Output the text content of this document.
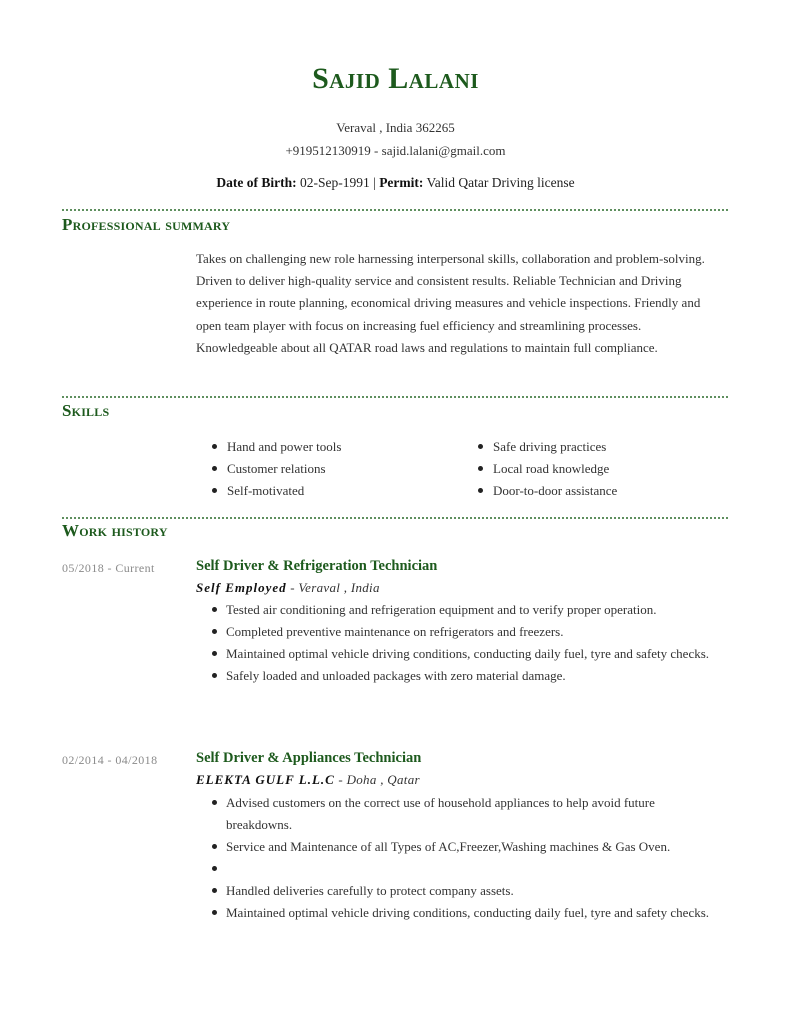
Sajid Lalani
Veraval , India 362265
+919512130919 - sajid.lalani@gmail.com
Date of Birth: 02-Sep-1991 | Permit: Valid Qatar Driving license
Professional summary
Takes on challenging new role harnessing interpersonal skills, collaboration and problem-solving. Driven to deliver high-quality service and consistent results. Reliable Technician and Driving experience in route planning, economical driving measures and vehicle inspections. Friendly and open team player with focus on increasing fuel efficiency and streamlining processes. Knowledgeable about all QATAR road laws and regulations to maintain full compliance.
Skills
Hand and power tools
Customer relations
Self-motivated
Safe driving practices
Local road knowledge
Door-to-door assistance
Work history
05/2018 - Current	Self Driver & Refrigeration Technician
Self Employed - Veraval , India
Tested air conditioning and refrigeration equipment and to verify proper operation.
Completed preventive maintenance on refrigerators and freezers.
Maintained optimal vehicle driving conditions, conducting daily fuel, tyre and safety checks.
Safely loaded and unloaded packages with zero material damage.
02/2014 - 04/2018	Self Driver & Appliances Technician
ELEKTA GULF L.L.C - Doha , Qatar
Advised customers on the correct use of household appliances to help avoid future breakdowns.
Service and Maintenance of all Types of AC,Freezer,Washing machines & Gas Oven.
Handled deliveries carefully to protect company assets.
Maintained optimal vehicle driving conditions, conducting daily fuel, tyre and safety checks.
